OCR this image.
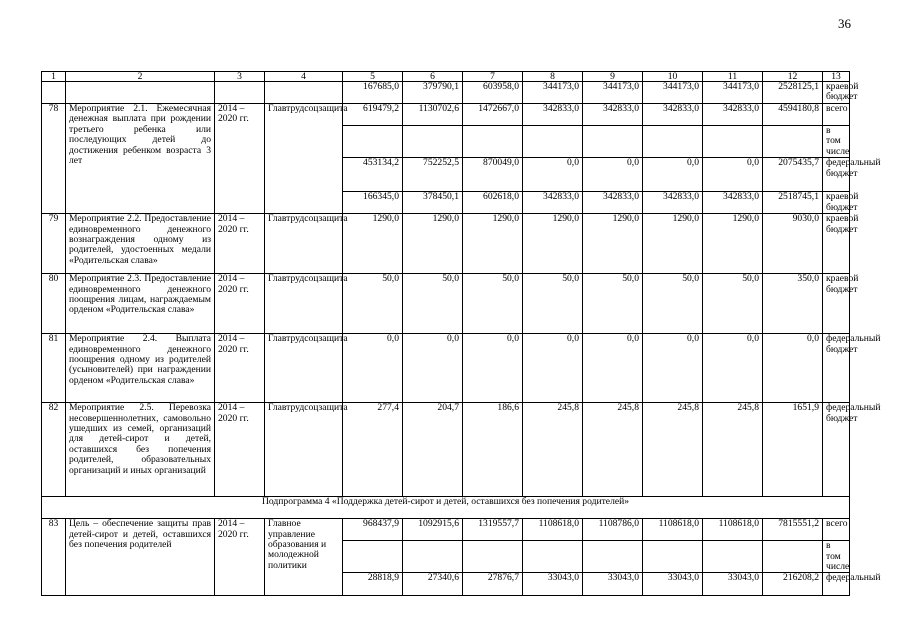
36
1	2	3	4	5	6	7	8	9	10	11	12	13
				167685,0	379790,1	603958,0	344173,0	344173,0	344173,0	344173,0	2528125,1	краевой бюджет
78	Мероприятие 2.1. Ежемесячная денежная выплата при рождении третьего ребенка или последующих детей до достижения ребенком возраста 3 лет	2014 – 2020 гг.	Главтрудсоцзащита	619479,2	1130702,6	1472667,0	342833,0	342833,0	342833,0	342833,0	4594180,8	всего
												в том числе
				453134,2	752252,5	870049,0	0,0	0,0	0,0	0,0	2075435,7	федеральный бюджет
				166345,0	378450,1	602618,0	342833,0	342833,0	342833,0	342833,0	2518745,1	краевой бюджет
79	Мероприятие 2.2. Предоставление единовременного денежного вознаграждения одному из родителей, удостоенных медали «Родительская слава»	2014 – 2020 гг.	Главтрудсоцзащита	1290,0	1290,0	1290,0	1290,0	1290,0	1290,0	1290,0	9030,0	краевой бюджет
80	Мероприятие 2.3. Предоставление единовременного денежного поощрения лицам, награждаемым орденом «Родительская слава»	2014 – 2020 гг.	Главтрудсоцзащита	50,0	50,0	50,0	50,0	50,0	50,0	50,0	350,0	краевой бюджет
81	Мероприятие 2.4. Выплата единовременного денежного поощрения одному из родителей (усыновителей) при награждении орденом «Родительская слава»	2014 – 2020 гг.	Главтрудсоцзащита	0,0	0,0	0,0	0,0	0,0	0,0	0,0	0,0	федеральный бюджет
82	Мероприятие 2.5. Перевозка несовершеннолетних, самовольно ушедших из семей, организаций для детей-сирот и детей, оставшихся без попечения родителей, образовательных организаций и иных организаций	2014 – 2020 гг.	Главтрудсоцзащита	277,4	204,7	186,6	245,8	245,8	245,8	245,8	1651,9	федеральный бюджет
Подпрограмма 4 «Поддержка детей-сирот и детей, оставшихся без попечения родителей»												
83	Цель – обеспечение защиты прав детей-сирот и детей, оставшихся без попечения родителей	2014 – 2020 гг.	Главное управление образования и молодежной политики	968437,9	1092915,6	1319557,7	1108618,0	1108786,0	1108618,0	1108618,0	7815551,2	всего
												в том числе
				28818,9	27340,6	27876,7	33043,0	33043,0	33043,0	33043,0	216208,2	федеральный
